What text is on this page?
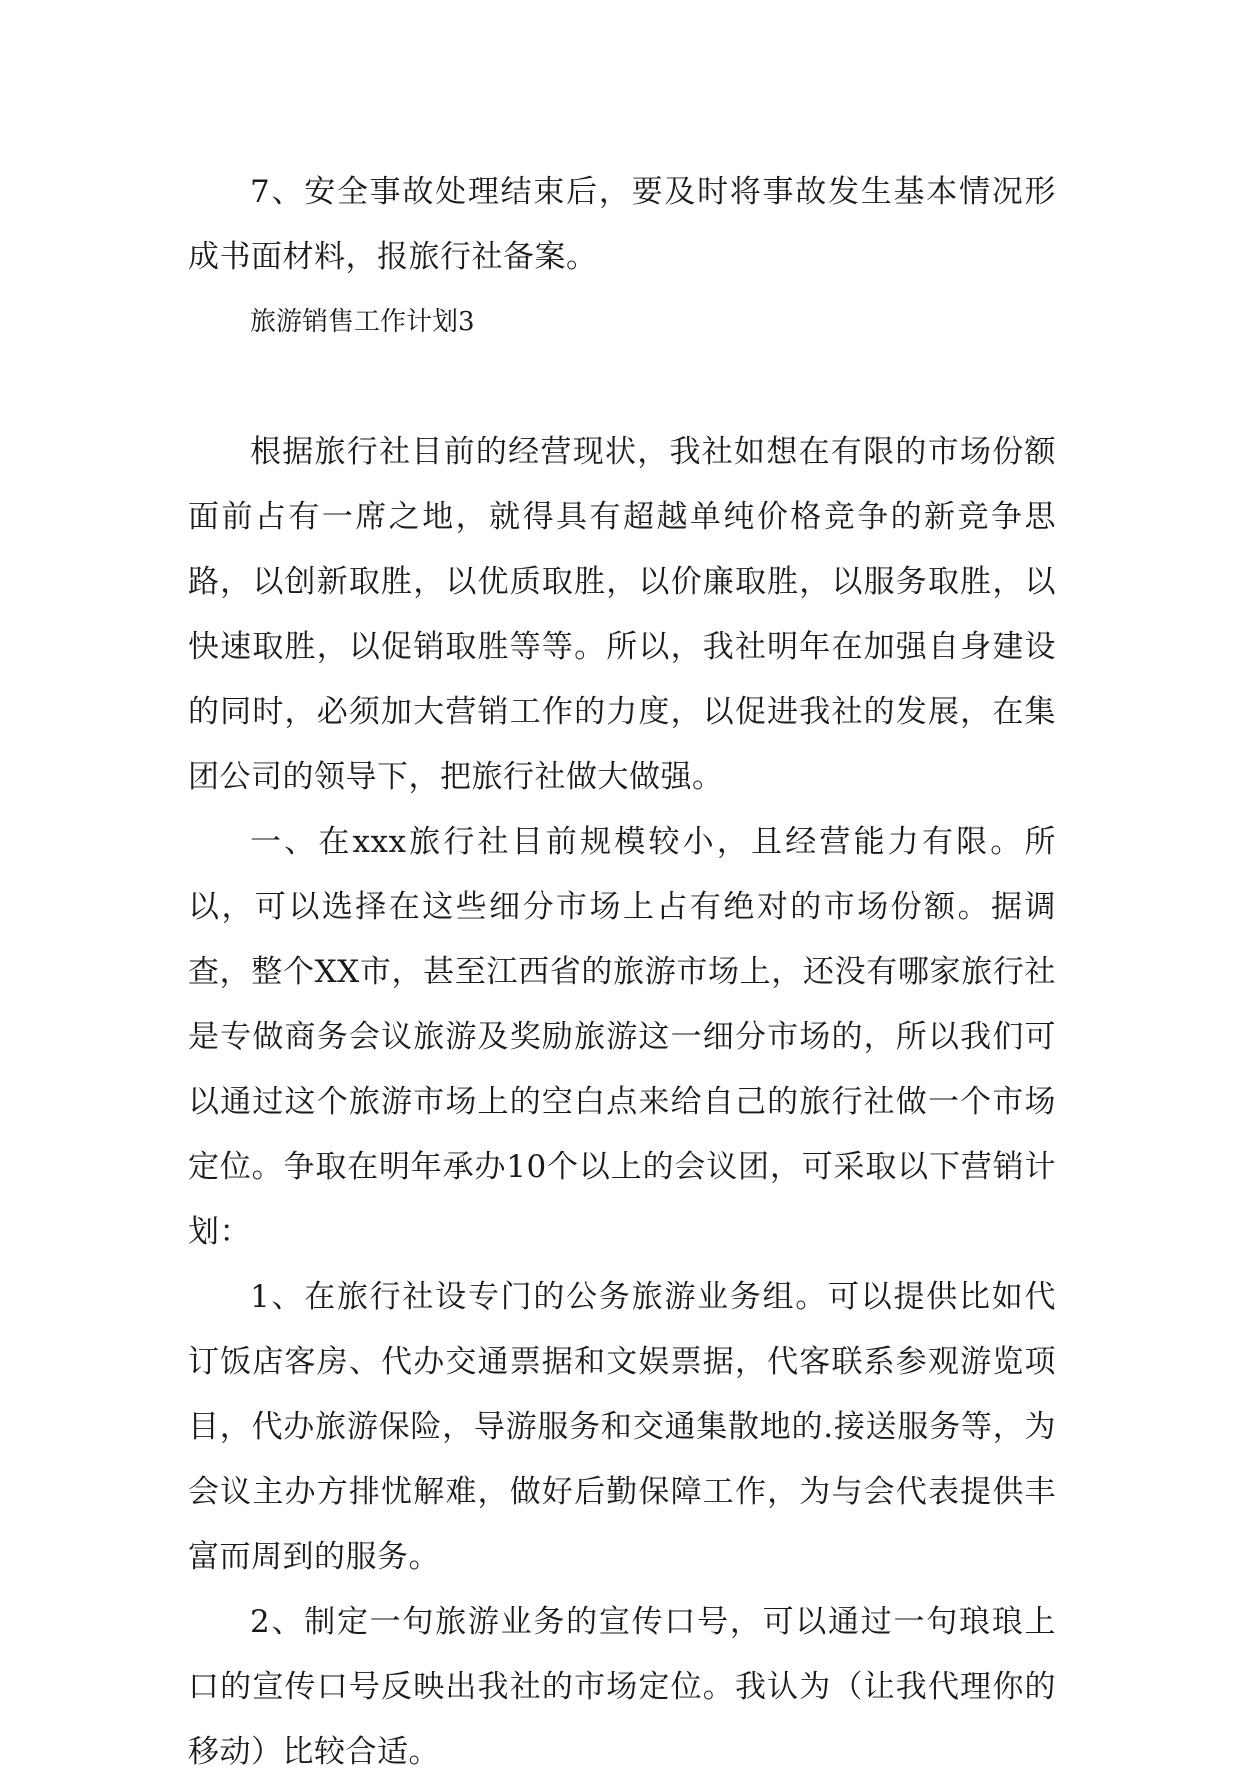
7、安全事故处理结束后，要及时将事故发生基本情况形成书面材料，报旅行社备案。

旅游销售工作计划3

根据旅行社目前的经营现状，我社如想在有限的市场份额面前占有一席之地，就得具有超越单纯价格竞争的新竞争思路，以创新取胜，以优质取胜，以价廉取胜，以服务取胜，以快速取胜，以促销取胜等等。所以，我社明年在加强自身建设的同时，必须加大营销工作的力度，以促进我社的发展，在集团公司的领导下，把旅行社做大做强。

一、在xxx旅行社目前规模较小，且经营能力有限。所以，可以选择在这些细分市场上占有绝对的市场份额。据调查，整个XX市，甚至江西省的旅游市场上，还没有哪家旅行社是专做商务会议旅游及奖励旅游这一细分市场的，所以我们可以通过这个旅游市场上的空白点来给自己的旅行社做一个市场定位。争取在明年承办10个以上的会议团，可采取以下营销计划：

1、在旅行社设专门的公务旅游业务组。可以提供比如代订饭店客房、代办交通票据和文娱票据，代客联系参观游览项目，代办旅游保险，导游服务和交通集散地的.接送服务等，为会议主办方排忧解难，做好后勤保障工作，为与会代表提供丰富而周到的服务。

2、制定一句旅游业务的宣传口号，可以通过一句琅琅上口的宣传口号反映出我社的市场定位。我认为（让我代理你的移动）比较合适。
